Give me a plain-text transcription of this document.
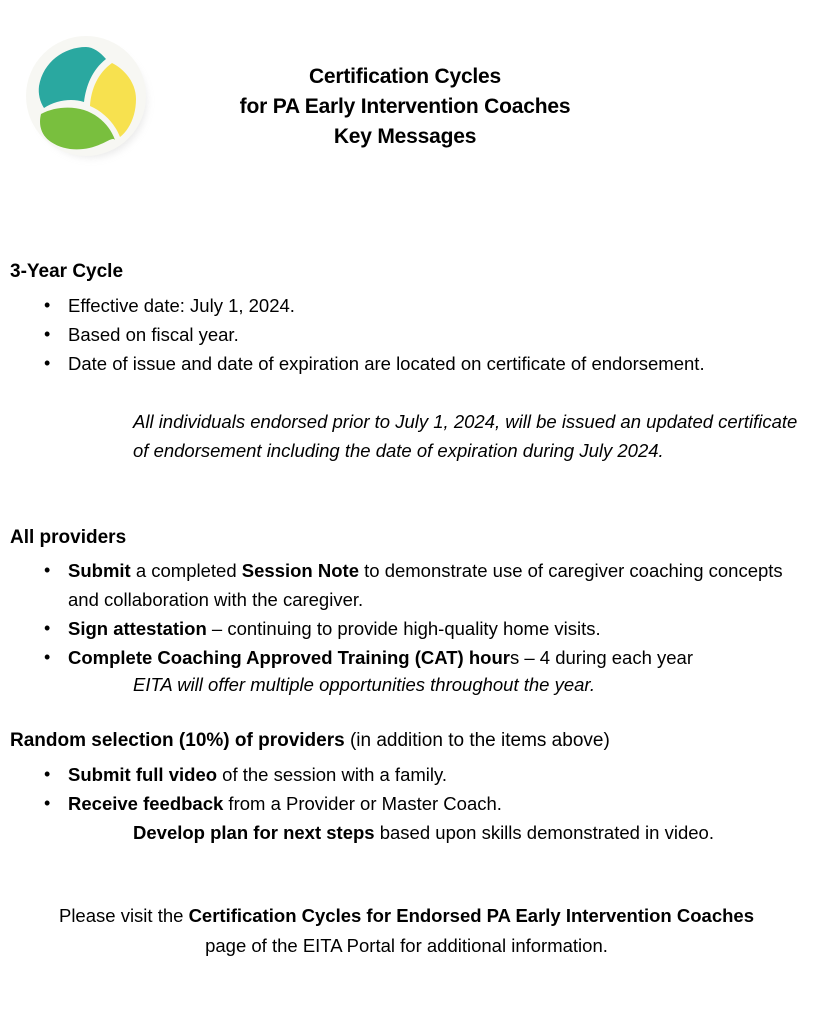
Certification Cycles
for PA Early Intervention Coaches
Key Messages
3-Year Cycle
• Effective date: July 1, 2024.
• Based on fiscal year.
• Date of issue and date of expiration are located on certificate of endorsement.

All individuals endorsed prior to July 1, 2024, will be issued an updated certificate of endorsement including the date of expiration during July 2024.

All providers
• Submit a completed Session Note to demonstrate use of caregiver coaching concepts and collaboration with the caregiver.
• Sign attestation – continuing to provide high-quality home visits.
• Complete Coaching Approved Training (CAT) hours – 4 during each year

EITA will offer multiple opportunities throughout the year.

Random selection (10%) of providers (in addition to the items above)
• Submit full video of the session with a family.
• Receive feedback from a Provider or Master Coach.

Develop plan for next steps based upon skills demonstrated in video.

Please visit the Certification Cycles for Endorsed PA Early Intervention Coaches
page of the EITA Portal for additional information.
